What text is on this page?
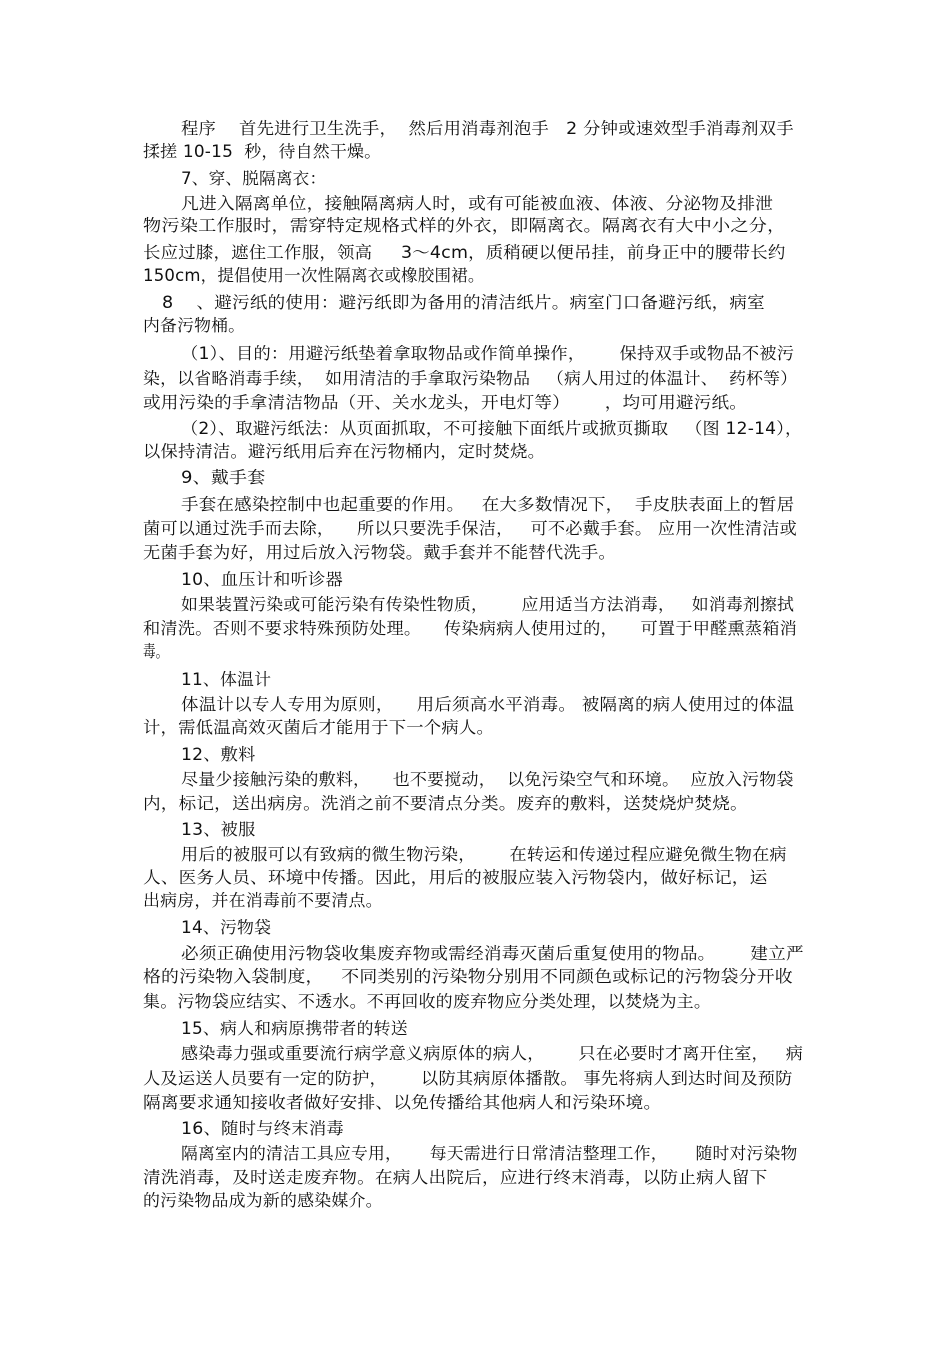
程序    首先进行卫生洗手，  然后用消毒剂泡手   2 分钟或速效型手消毒剂双手
揉搓 10-15  秒，待自然干燥。
7、穿、脱隔离衣：
凡进入隔离单位，接触隔离病人时，或有可能被血液、体液、分泌物及排泄
物污染工作服时，需穿特定规格式样的外衣，即隔离衣。隔离衣有大中小之分，
长应过膝，遮住工作服，领高     3～4cm，质稍硬以便吊挂，前身正中的腰带长约
150cm，提倡使用一次性隔离衣或橡胶围裙。
8    、避污纸的使用：避污纸即为备用的清洁纸片。病室门口备避污纸，病室
内备污物桶。
（1）、目的：用避污纸垫着拿取物品或作简单操作，      保持双手或物品不被污
染，以省略消毒手续，  如用清洁的手拿取污染物品   （病人用过的体温计、  药杯等）
或用污染的手拿清洁物品（开、关水龙头，开电灯等）      ，均可用避污纸。
（2）、取避污纸法：从页面抓取，不可接触下面纸片或掀页撕取   （图 12-14），
以保持清洁。避污纸用后弃在污物桶内，定时焚烧。
9、戴手套
手套在感染控制中也起重要的作用。   在大多数情况下，  手皮肤表面上的暂居
菌可以通过洗手而去除，    所以只要洗手保洁，   可不必戴手套。 应用一次性清洁或
无菌手套为好，用过后放入污物袋。戴手套并不能替代洗手。
10、血压计和听诊器
如果装置污染或可能污染有传染性物质，      应用适当方法消毒，   如消毒剂擦拭
和清洗。否则不要求特殊预防处理。    传染病病人使用过的，    可置于甲醛熏蒸箱消
毒。
11、体温计
体温计以专人专用为原则，    用后须高水平消毒。 被隔离的病人使用过的体温
计，需低温高效灭菌后才能用于下一个病人。
12、敷料
尽量少接触污染的敷料，    也不要搅动，  以免污染空气和环境。  应放入污物袋
内，标记，送出病房。洗消之前不要清点分类。废弃的敷料，送焚烧炉焚烧。
13、被服
用后的被服可以有致病的微生物污染，      在转运和传递过程应避免微生物在病
人、医务人员、环境中传播。因此，用后的被服应装入污物袋内，做好标记，运
出病房，并在消毒前不要清点。
14、污物袋
必须正确使用污物袋收集废弃物或需经消毒灭菌后重复使用的物品。      建立严
格的污染物入袋制度，   不同类别的污染物分别用不同颜色或标记的污物袋分开收
集。污物袋应结实、不透水。不再回收的废弃物应分类处理，以焚烧为主。
15、病人和病原携带者的转送
感染毒力强或重要流行病学意义病原体的病人，      只在必要时才离开住室，   病
人及运送人员要有一定的防护，      以防其病原体播散。 事先将病人到达时间及预防
隔离要求通知接收者做好安排、以免传播给其他病人和污染环境。
16、随时与终末消毒
隔离室内的清洁工具应专用，     每天需进行日常清洁整理工作，     随时对污染物
清洗消毒，及时送走废弃物。在病人出院后，应进行终末消毒，以防止病人留下
的污染物品成为新的感染媒介。
